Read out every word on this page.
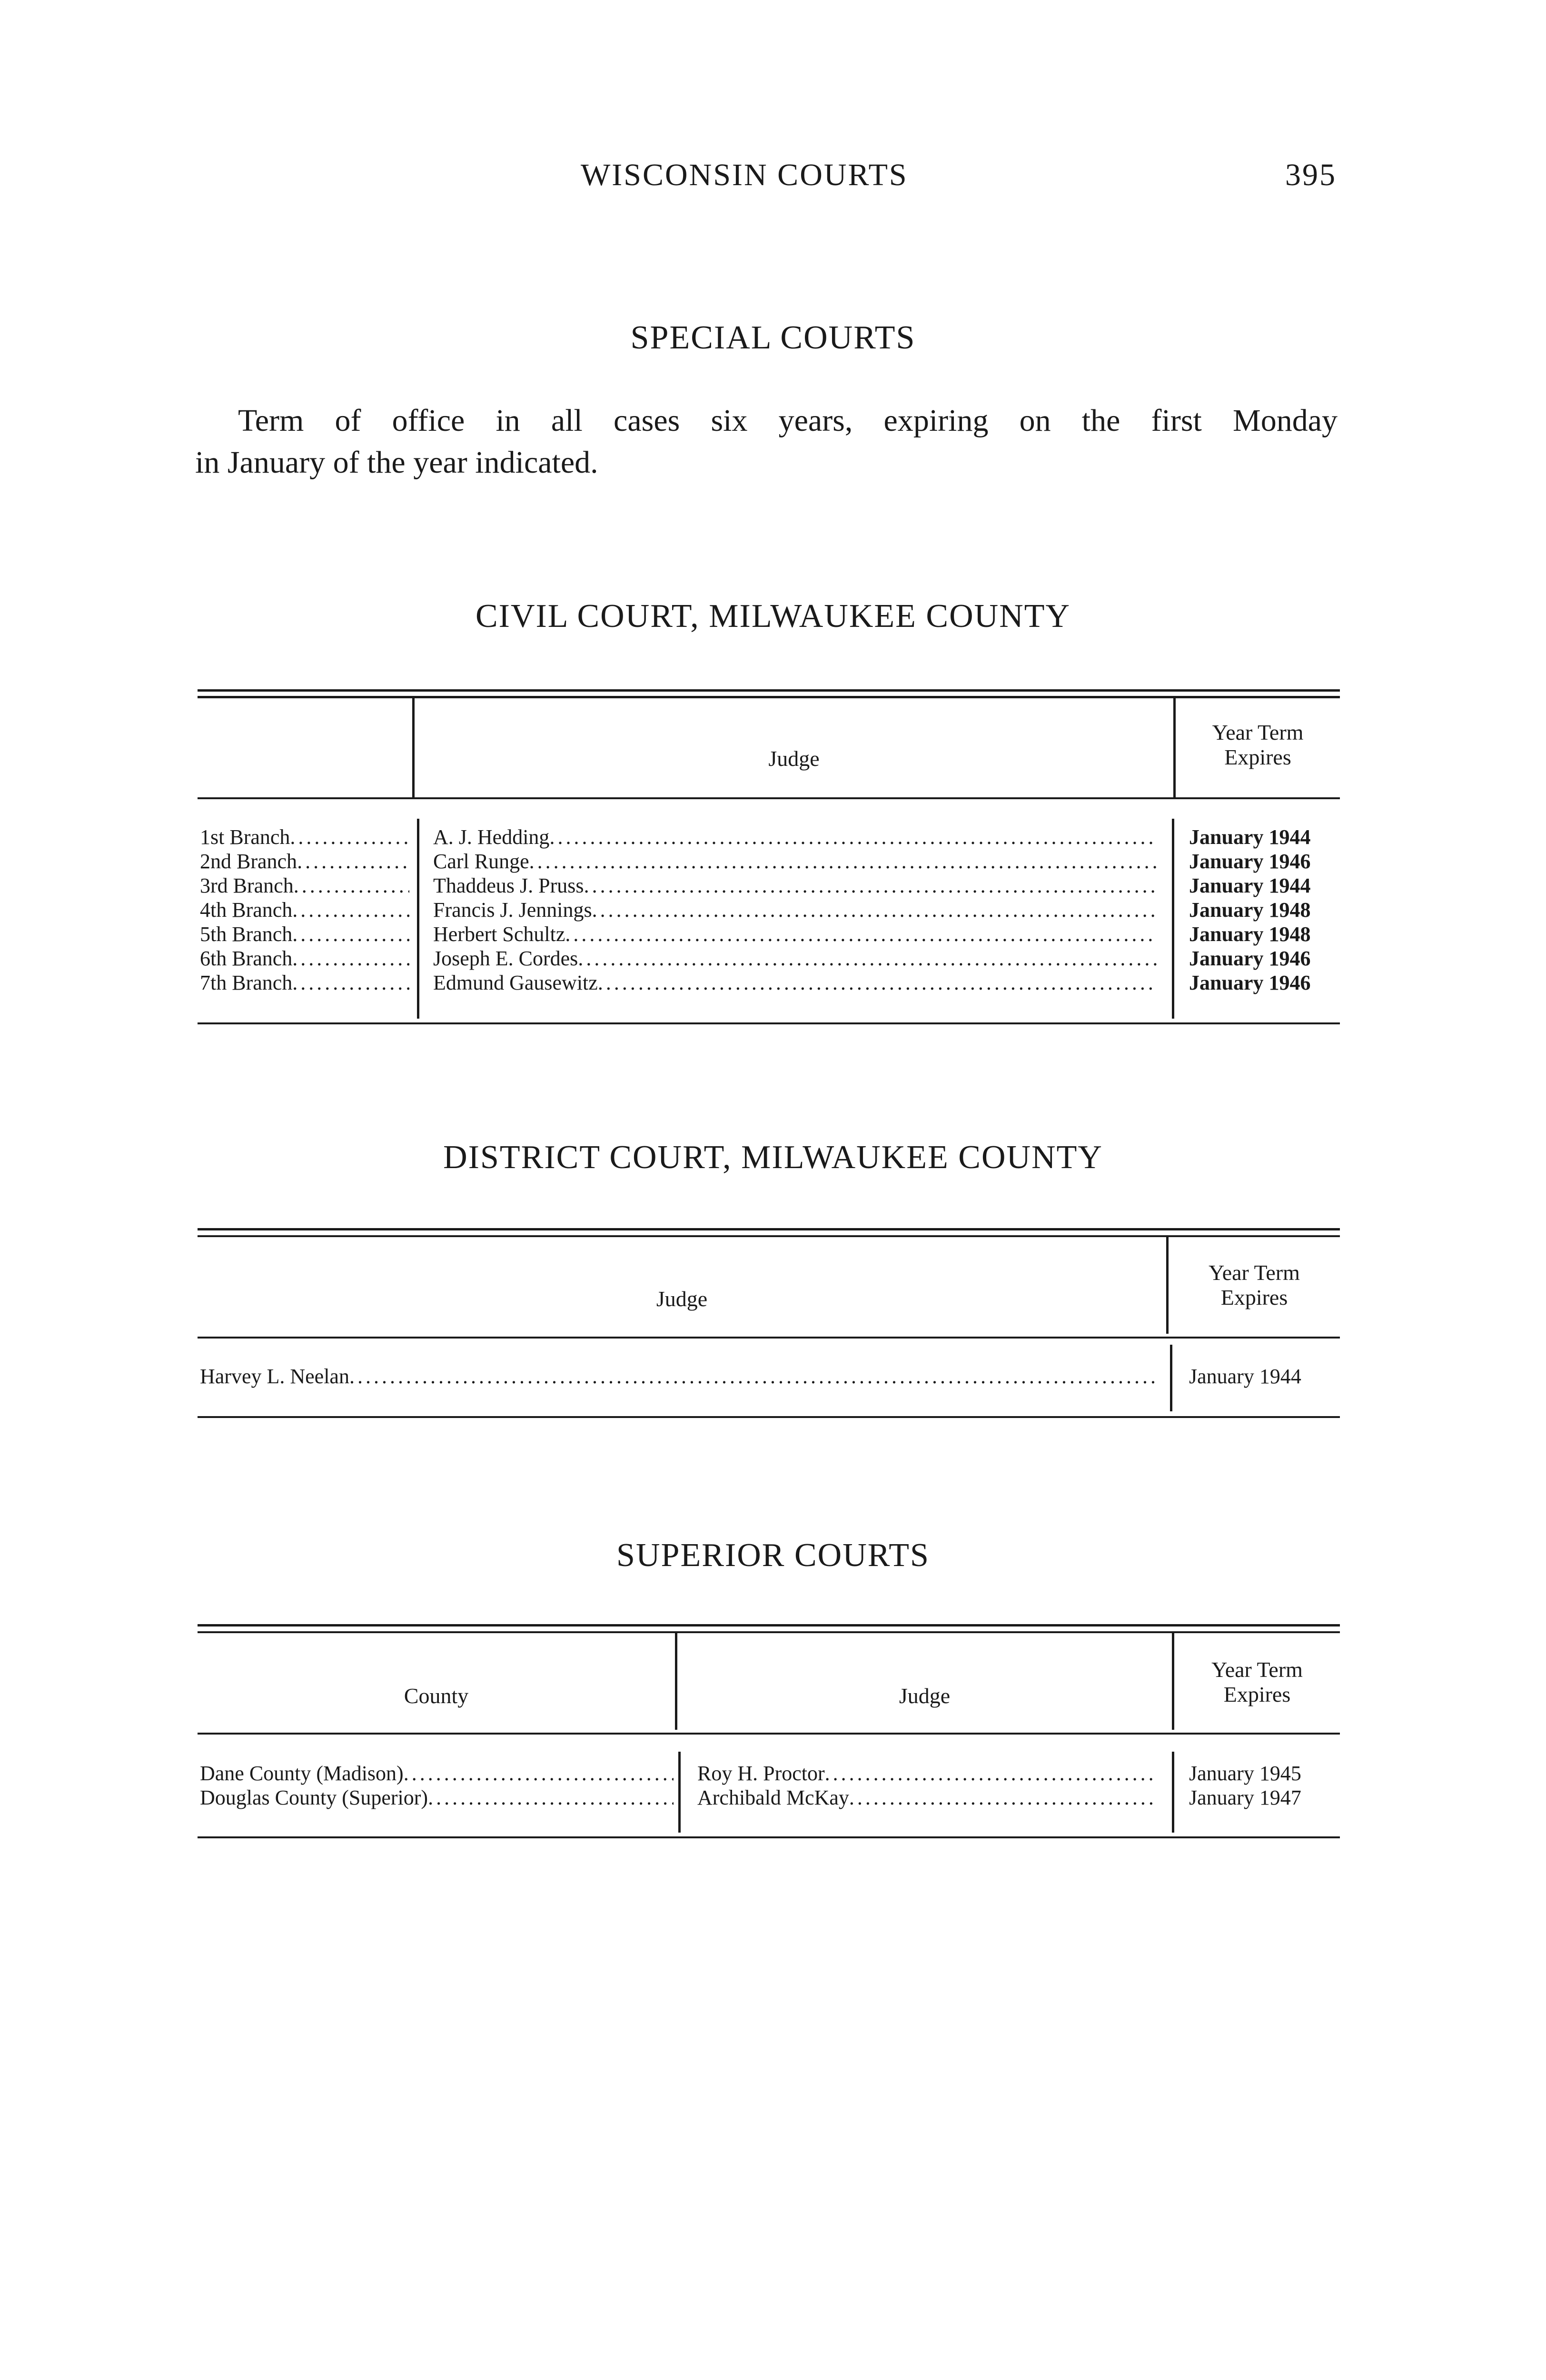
WISCONSIN COURTS	395
SPECIAL COURTS
Term of office in all cases six years, expiring on the first Monday
in January of the year indicated.
CIVIL COURT, MILWAUKEE COUNTY
Judge
Year Term
Expires
1st Branch .....	A. J. Hedding .....	January 1944
2nd Branch .....	Carl Runge .....	January 1946
3rd Branch .....	Thaddeus J. Pruss .....	January 1944
4th Branch .....	Francis J. Jennings .....	January 1948
5th Branch .....	Herbert Schultz .....	January 1948
6th Branch .....	Joseph E. Cordes .....	January 1946
7th Branch .....	Edmund Gausewitz .....	January 1946
DISTRICT COURT, MILWAUKEE COUNTY
Judge
Year Term
Expires
Harvey L. Neelan .....	January 1944
SUPERIOR COURTS
County	Judge
Year Term
Expires
Dane County (Madison) .....	Roy H. Proctor .....	January 1945
Douglas County (Superior) .....	Archibald McKay .....	January 1947
